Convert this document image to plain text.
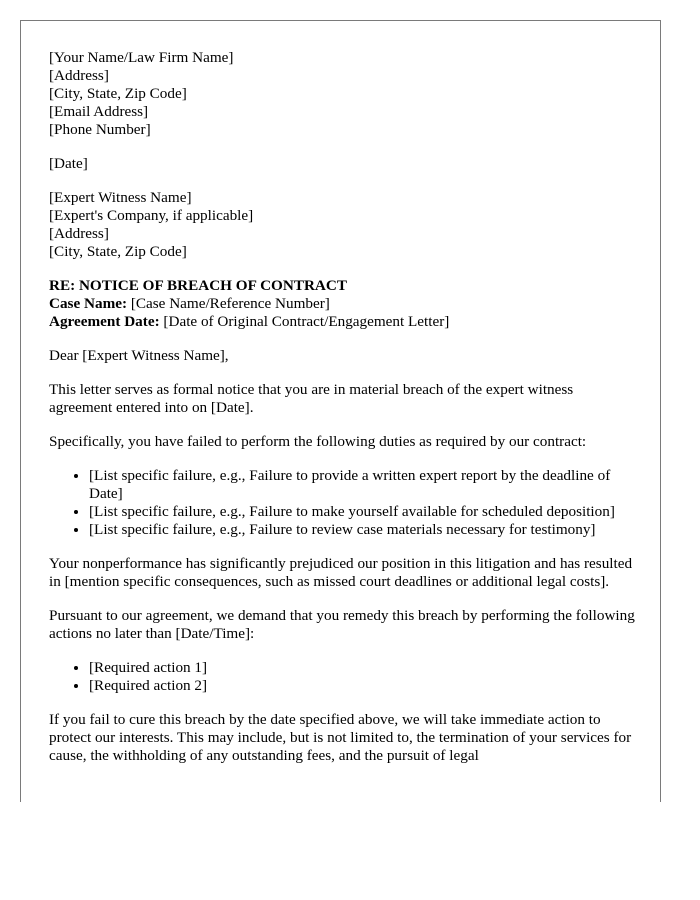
[Your Name/Law Firm Name]
[Address]
[City, State, Zip Code]
[Email Address]
[Phone Number]
[Date]
[Expert Witness Name]
[Expert's Company, if applicable]
[Address]
[City, State, Zip Code]
RE: NOTICE OF BREACH OF CONTRACT
Case Name: [Case Name/Reference Number]
Agreement Date: [Date of Original Contract/Engagement Letter]

Dear [Expert Witness Name],

This letter serves as formal notice that you are in material breach of the expert witness agreement entered into on [Date].

Specifically, you have failed to perform the following duties as required by our contract:

• [List specific failure, e.g., Failure to provide a written expert report by the deadline of Date]
• [List specific failure, e.g., Failure to make yourself available for scheduled deposition]
• [List specific failure, e.g., Failure to review case materials necessary for testimony]

Your nonperformance has significantly prejudiced our position in this litigation and has resulted in [mention specific consequences, such as missed court deadlines or additional legal costs].

Pursuant to our agreement, we demand that you remedy this breach by performing the following actions no later than [Date/Time]:

• [Required action 1]
• [Required action 2]

If you fail to cure this breach by the date specified above, we will take immediate action to protect our interests. This may include, but is not limited to, the termination of your services for cause, the withholding of any outstanding fees, and the pursuit of legal
